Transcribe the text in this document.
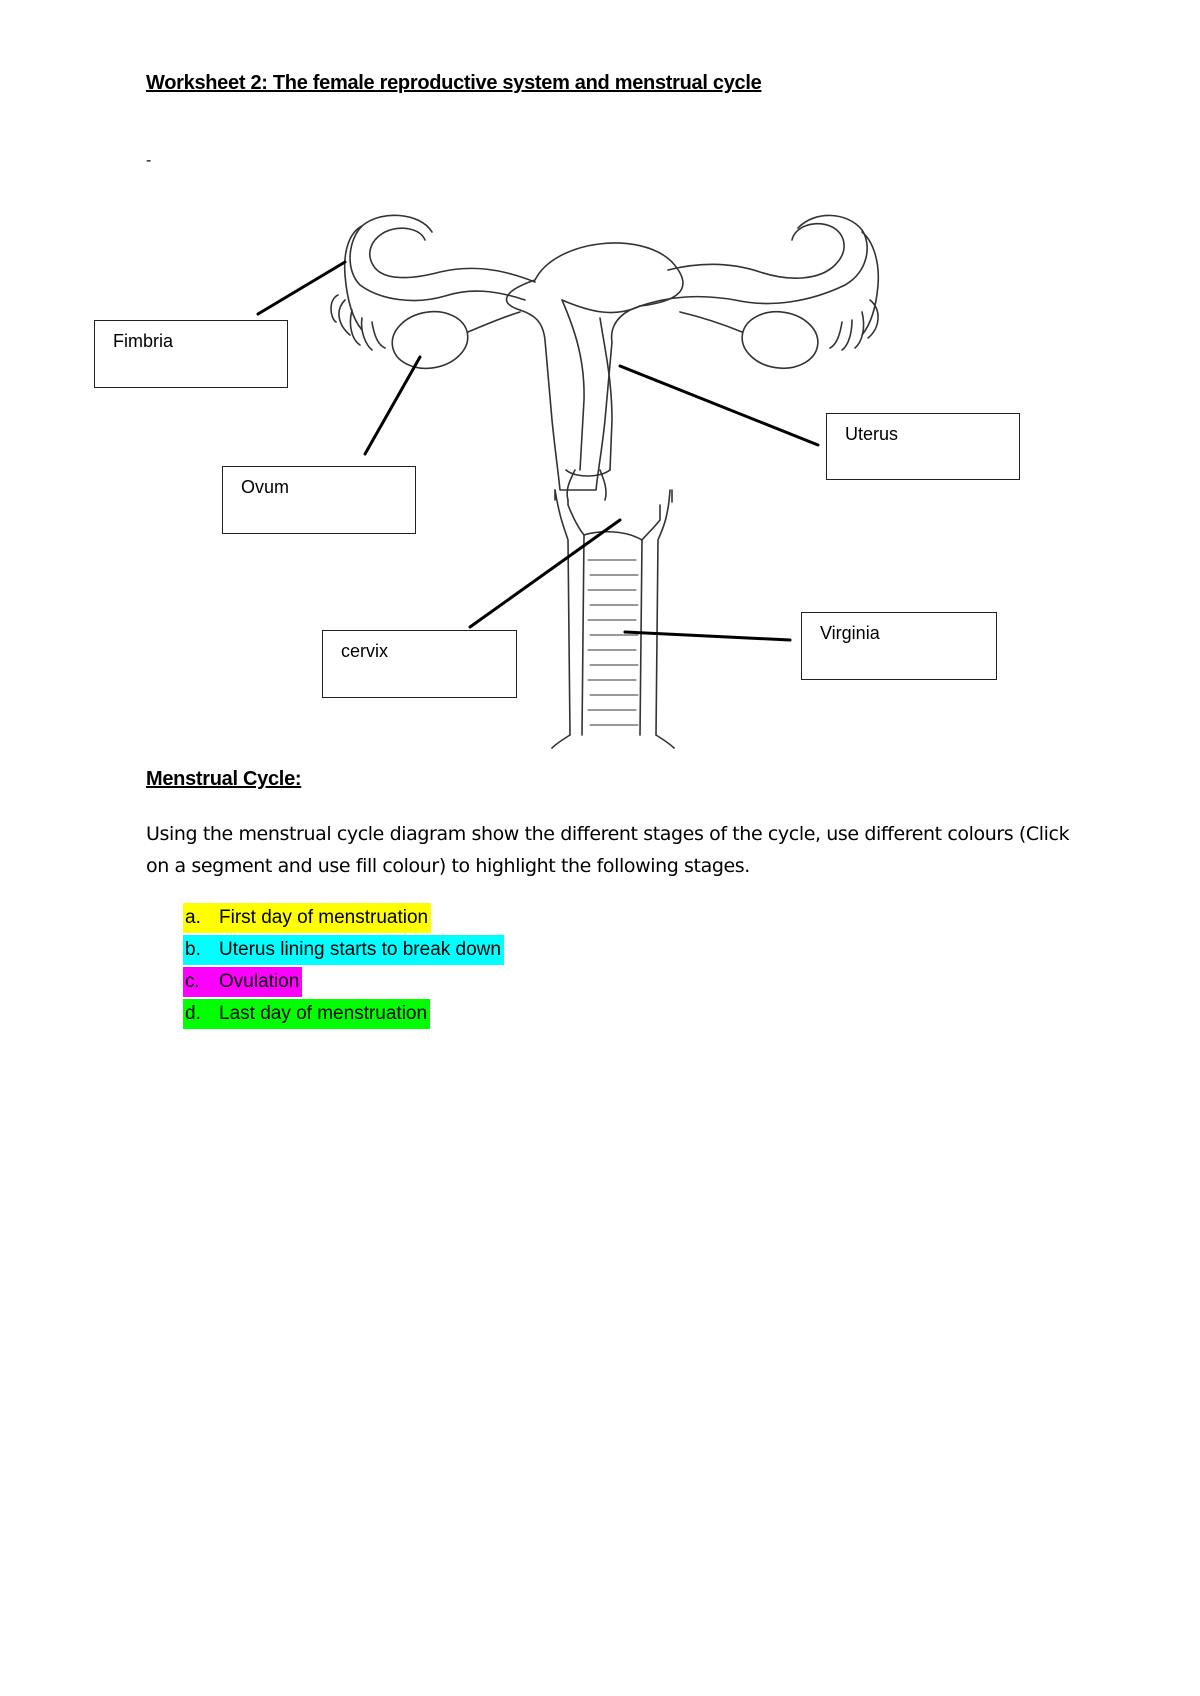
Worksheet 2: The female reproductive system and menstrual cycle
-
Fimbria
Ovum
Uterus
cervix
Virginia
Menstrual Cycle:
Using the menstrual cycle diagram show the different stages of the cycle, use different colours (Click on a segment and use fill colour) to highlight the following stages.
a. First day of menstruation
b. Uterus lining starts to break down
c. Ovulation
d. Last day of menstruation
